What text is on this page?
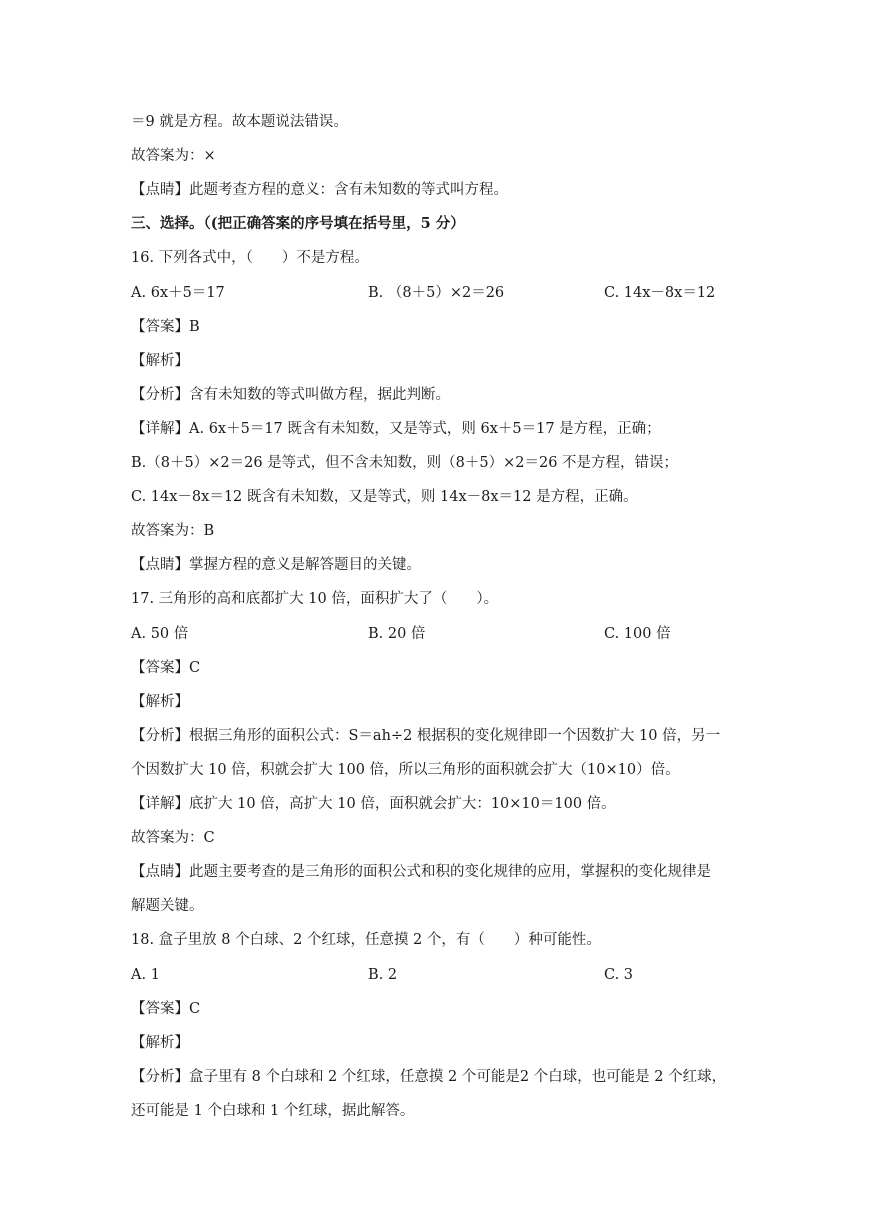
＝9 就是方程。故本题说法错误。
故答案为：×
【点睛】此题考查方程的意义：含有未知数的等式叫方程。
三、选择。（(把正确答案的序号填在括号里，5 分）
16. 下列各式中，（　　）不是方程。
A. 6x＋5＝17	B. （8＋5）×2＝26	C. 14x－8x＝12
【答案】B
【解析】
【分析】含有未知数的等式叫做方程，据此判断。
【详解】A. 6x＋5＝17 既含有未知数，又是等式，则 6x＋5＝17 是方程，正确；
B.（8＋5）×2＝26 是等式，但不含未知数，则（8＋5）×2＝26 不是方程，错误；
C. 14x－8x＝12 既含有未知数，又是等式，则 14x－8x＝12 是方程，正确。
故答案为：B
【点睛】掌握方程的意义是解答题目的关键。
17. 三角形的高和底都扩大 10 倍，面积扩大了（　　）。
A. 50 倍	B. 20 倍	C. 100 倍
【答案】C
【解析】
【分析】根据三角形的面积公式：S＝ah÷2 根据积的变化规律即一个因数扩大 10 倍，另一
个因数扩大 10 倍，积就会扩大 100 倍，所以三角形的面积就会扩大（10×10）倍。
【详解】底扩大 10 倍，高扩大 10 倍，面积就会扩大：10×10＝100 倍。
故答案为：C
【点睛】此题主要考查的是三角形的面积公式和积的变化规律的应用，掌握积的变化规律是
解题关键。
18. 盒子里放 8 个白球、2 个红球，任意摸 2 个，有（　　）种可能性。
A. 1	B. 2	C. 3
【答案】C
【解析】
【分析】盒子里有 8 个白球和 2 个红球，任意摸 2 个可能是2 个白球，也可能是 2 个红球，
还可能是 1 个白球和 1 个红球，据此解答。
